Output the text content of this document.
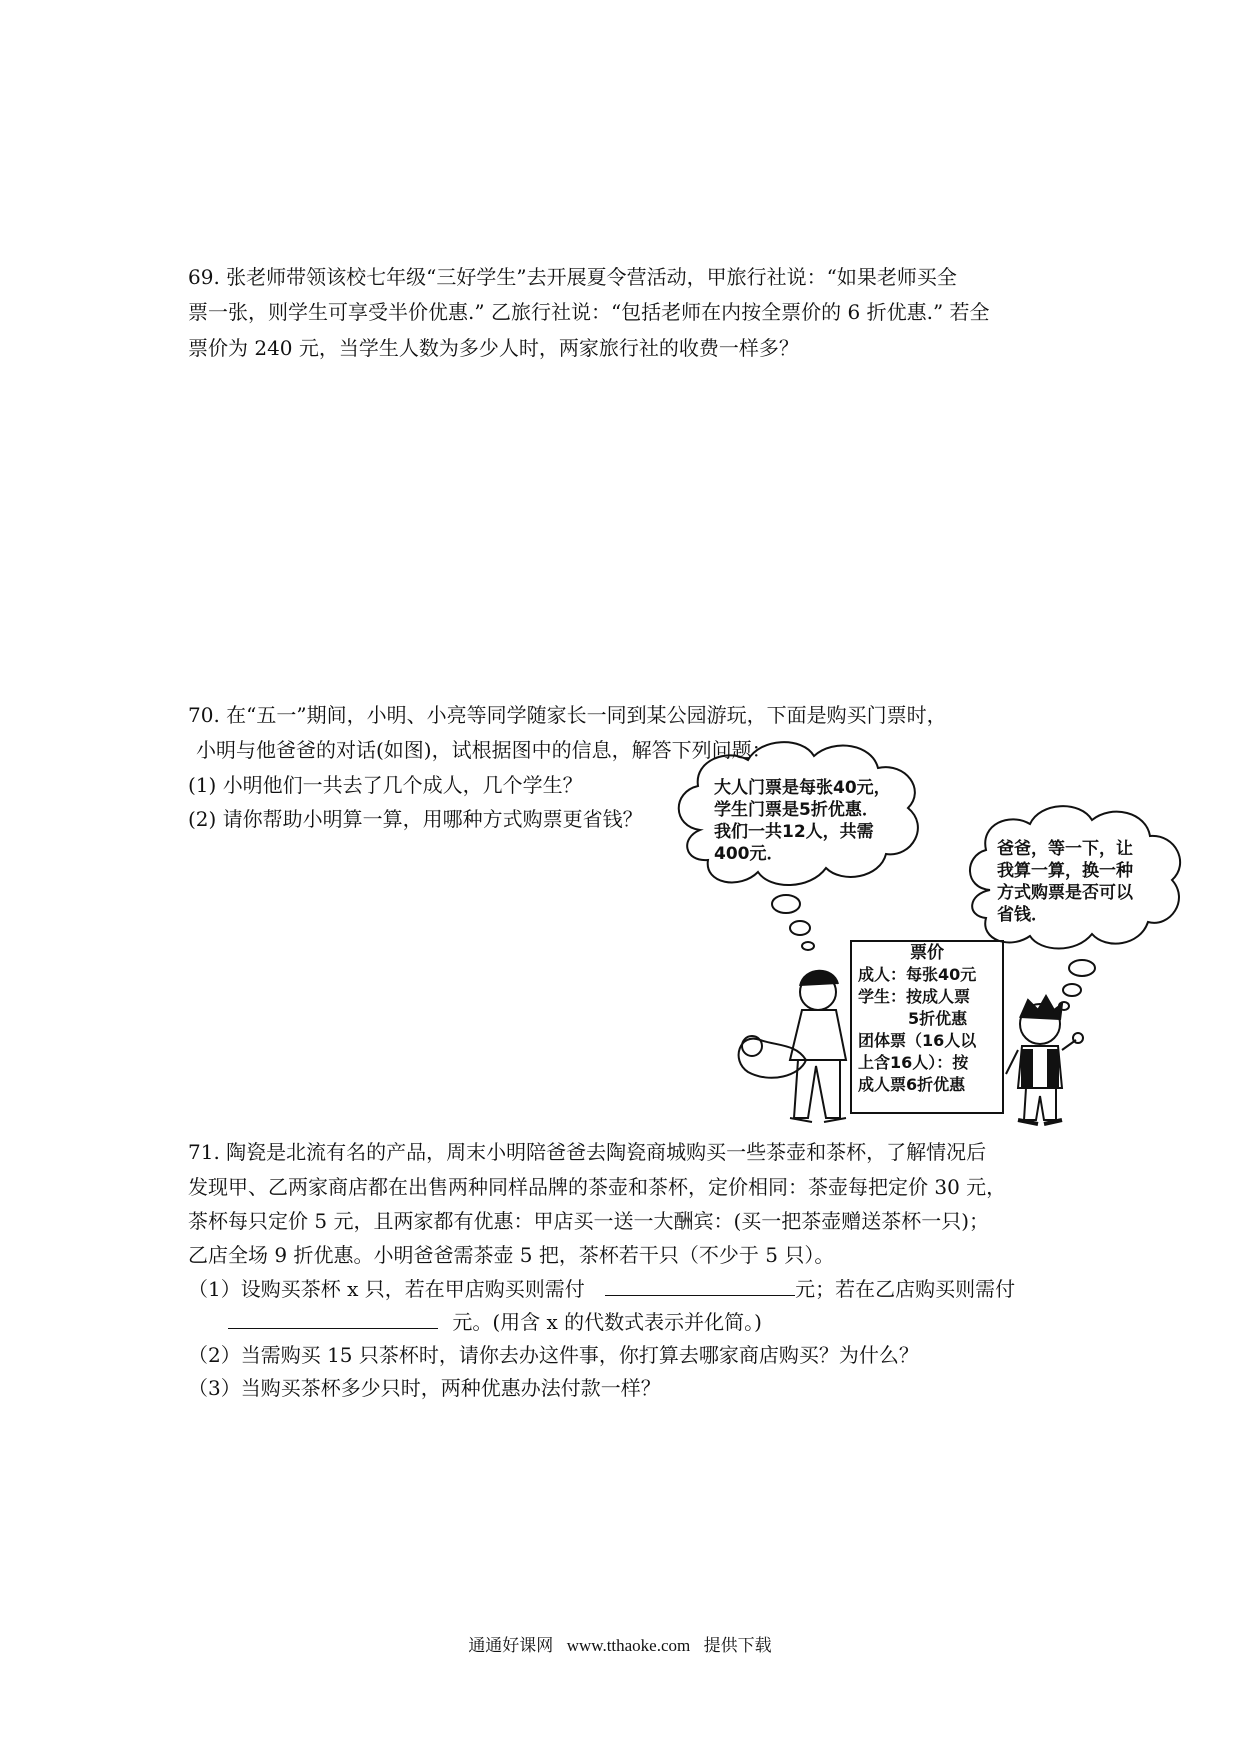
69. 张老师带领该校七年级“三好学生”去开展夏令营活动，甲旅行社说：“如果老师买全

票一张，则学生可享受半价优惠.” 乙旅行社说：“包括老师在内按全票价的 6 折优惠.” 若全

票价为 240 元，当学生人数为多少人时，两家旅行社的收费一样多？

70. 在“五一”期间，小明、小亮等同学随家长一同到某公园游玩，下面是购买门票时，

小明与他爸爸的对话(如图)，试根据图中的信息，解答下列问题：

(1) 小明他们一共去了几个成人，几个学生？

(2) 请你帮助小明算一算，用哪种方式购票更省钱？

大人门票是每张40元，
学生门票是5折优惠．
我们一共12人，共需
400元．	爸爸，等一下，让
我算一算，换一种
方式购票是否可以
省钱．

票价

成人：每张40元

学生：按成人票

5折优惠

团体票（16人以

上含16人）：按

成人票6折优惠

71. 陶瓷是北流有名的产品，周末小明陪爸爸去陶瓷商城购买一些茶壶和茶杯，了解情况后

发现甲、乙两家商店都在出售两种同样品牌的茶壶和茶杯，定价相同：茶壶每把定价 30 元，

茶杯每只定价 5 元，且两家都有优惠：甲店买一送一大酬宾：(买一把茶壶赠送茶杯一只)；

乙店全场 9 折优惠。小明爸爸需茶壶 5 把，茶杯若干只（不少于 5 只）。

（1）设购买茶杯 x 只，若在甲店购买则需付	元；若在乙店购买则需付

元。(用含 x 的代数式表示并化简。)

（2）当需购买 15 只茶杯时，请你去办这件事，你打算去哪家商店购买？为什么？

（3）当购买茶杯多少只时，两种优惠办法付款一样？

通通好课网 www.tthaoke.com 提供下载
